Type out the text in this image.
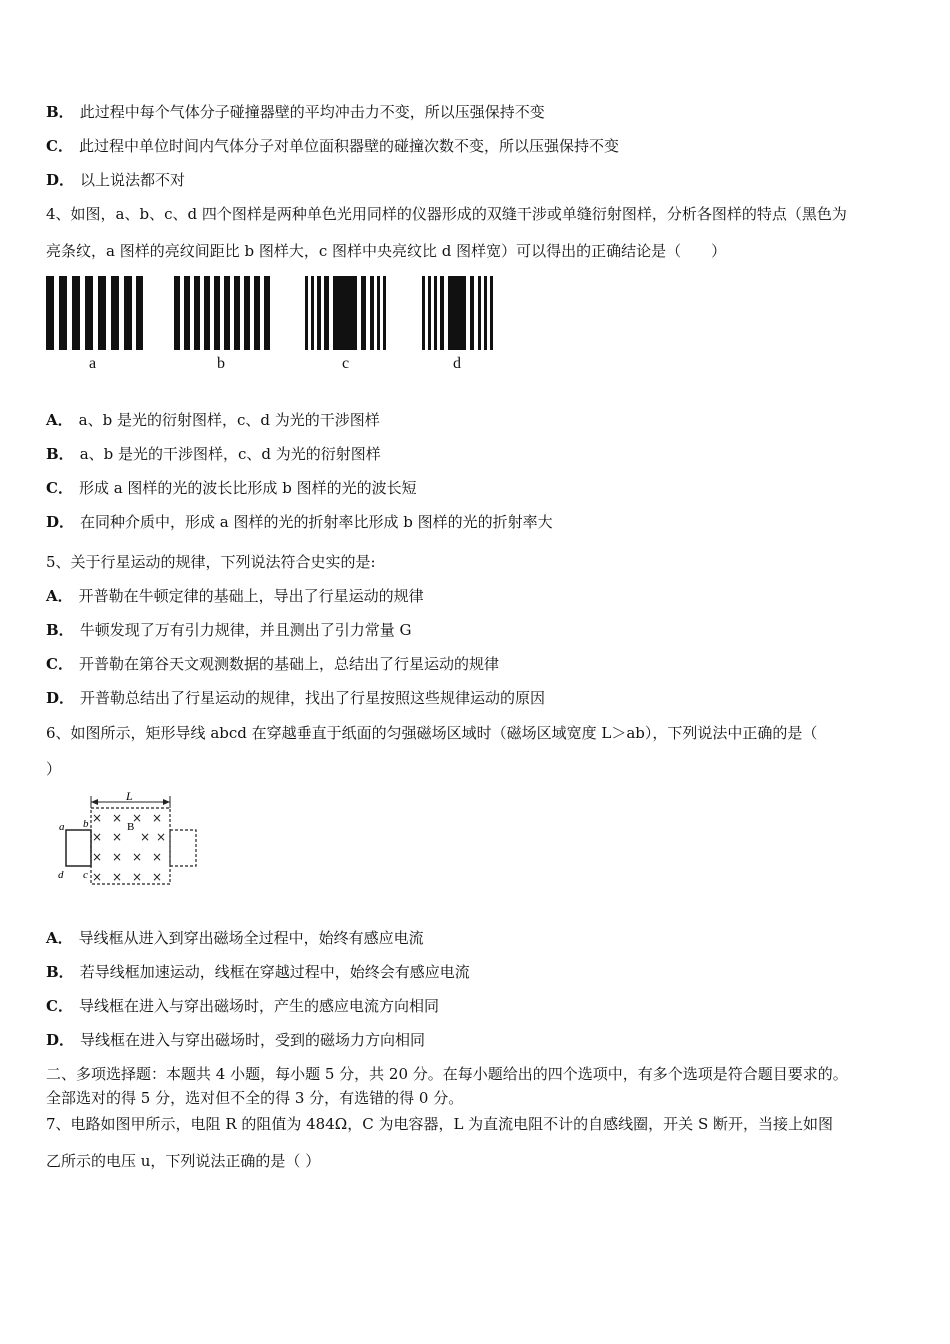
B． 此过程中每个气体分子碰撞器壁的平均冲击力不变，所以压强保持不变
C． 此过程中单位时间内气体分子对单位面积器壁的碰撞次数不变，所以压强保持不变
D． 以上说法都不对
4、如图，a、b、c、d 四个图样是两种单色光用同样的仪器形成的双缝干涉或单缝衍射图样，分析各图样的特点（黑色为
亮条纹，a 图样的亮纹间距比 b 图样大，c 图样中央亮纹比 d 图样宽）可以得出的正确结论是（　　）
a	b	c	d
A． a、b 是光的衍射图样，c、d 为光的干涉图样
B． a、b 是光的干涉图样，c、d 为光的衍射图样
C． 形成 a 图样的光的波长比形成 b 图样的光的波长短
D． 在同种介质中，形成 a 图样的光的折射率比形成 b 图样的光的折射率大
5、关于行星运动的规律，下列说法符合史实的是:
A． 开普勒在牛顿定律的基础上，导出了行星运动的规律
B． 牛顿发现了万有引力规律，并且测出了引力常量 G
C． 开普勒在第谷天文观测数据的基础上，总结出了行星运动的规律
D． 开普勒总结出了行星运动的规律，找出了行星按照这些规律运动的原因
6、如图所示，矩形导线 abcd 在穿越垂直于纸面的匀强磁场区域时（磁场区域宽度 L＞ab），下列说法中正确的是（
）
L
a b
c
d
B
× × × ×
× × × ×
× × × ×
× × × ×
A． 导线框从进入到穿出磁场全过程中，始终有感应电流
B． 若导线框加速运动，线框在穿越过程中，始终会有感应电流
C． 导线框在进入与穿出磁场时，产生的感应电流方向相同
D． 导线框在进入与穿出磁场时，受到的磁场力方向相同
二、多项选择题：本题共 4 小题，每小题 5 分，共 20 分。在每小题给出的四个选项中，有多个选项是符合题目要求的。
全部选对的得 5 分，选对但不全的得 3 分，有选错的得 0 分。
7、电路如图甲所示，电阻 R 的阻值为 484Ω，C 为电容器，L 为直流电阻不计的自感线圈，开关 S 断开，当接上如图
乙所示的电压 u，下列说法正确的是（ ）
